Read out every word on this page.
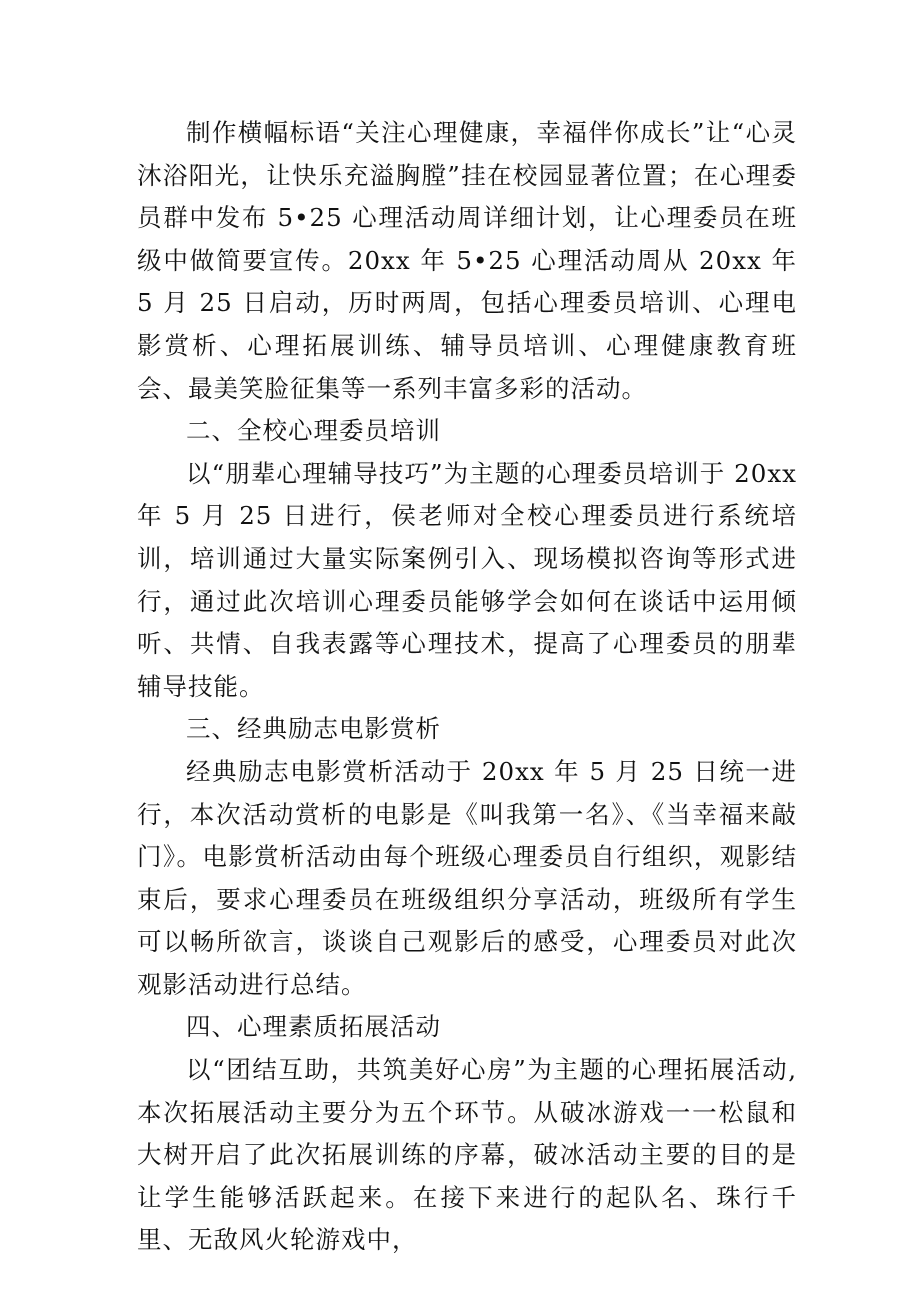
制作横幅标语“关注心理健康，幸福伴你成长”让“心灵沐浴阳光，让快乐充溢胸膛”挂在校园显著位置；在心理委员群中发布 5•25 心理活动周详细计划，让心理委员在班级中做简要宣传。20xx 年 5•25 心理活动周从 20xx 年 5 月 25 日启动，历时两周，包括心理委员培训、心理电影赏析、心理拓展训练、辅导员培训、心理健康教育班会、最美笑脸征集等一系列丰富多彩的活动。

二、全校心理委员培训

以“朋辈心理辅导技巧”为主题的心理委员培训于 20xx 年 5 月 25 日进行，侯老师对全校心理委员进行系统培训，培训通过大量实际案例引入、现场模拟咨询等形式进行，通过此次培训心理委员能够学会如何在谈话中运用倾听、共情、自我表露等心理技术，提高了心理委员的朋辈辅导技能。

三、经典励志电影赏析

经典励志电影赏析活动于 20xx 年 5 月 25 日统一进行，本次活动赏析的电影是《叫我第一名》、《当幸福来敲门》。电影赏析活动由每个班级心理委员自行组织，观影结束后，要求心理委员在班级组织分享活动，班级所有学生可以畅所欲言，谈谈自己观影后的感受，心理委员对此次观影活动进行总结。

四、心理素质拓展活动

以“团结互助，共筑美好心房”为主题的心理拓展活动,本次拓展活动主要分为五个环节。从破冰游戏一一松鼠和大树开启了此次拓展训练的序幕，破冰活动主要的目的是让学生能够活跃起来。在接下来进行的起队名、珠行千里、无敌风火轮游戏中，
